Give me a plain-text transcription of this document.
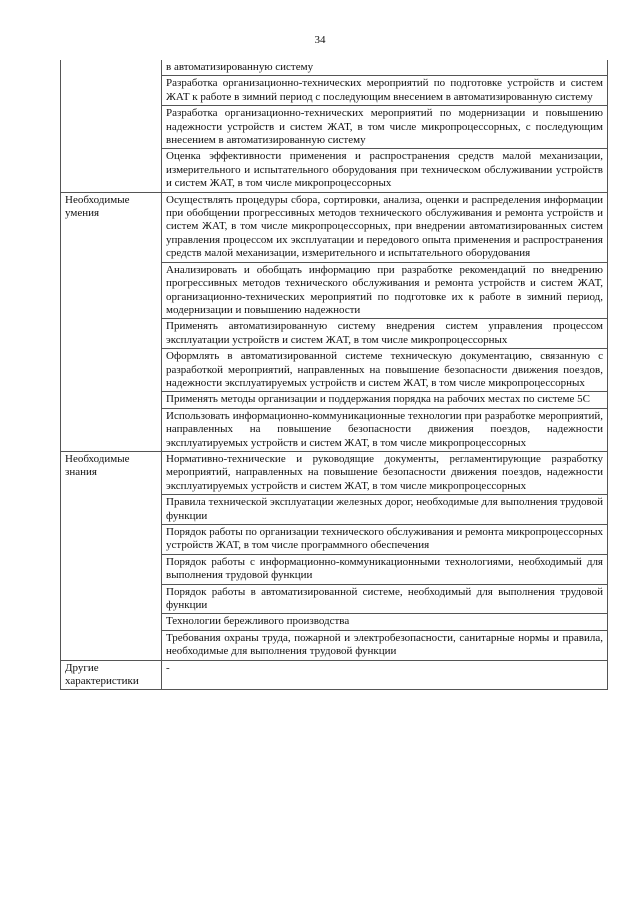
34
	в автоматизированную систему
	Разработка организационно-технических мероприятий по подготовке устройств и систем ЖАТ к работе в зимний период с последующим внесением в автоматизированную систему
	Разработка организационно-технических мероприятий по модернизации и повышению надежности устройств и систем ЖАТ, в том числе микропроцессорных, с последующим внесением в автоматизированную систему
	Оценка эффективности применения и распространения средств малой механизации, измерительного и испытательного оборудования при техническом обслуживании устройств и систем ЖАТ, в том числе микропроцессорных
Необходимые умения	Осуществлять процедуры сбора, сортировки, анализа, оценки и распределения информации при обобщении прогрессивных методов технического обслуживания и ремонта устройств и систем ЖАТ, в том числе микропроцессорных, при внедрении автоматизированных систем управления процессом их эксплуатации и передового опыта применения и распространения средств малой механизации, измерительного и испытательного оборудования
	Анализировать и обобщать информацию при разработке рекомендаций по внедрению прогрессивных методов технического обслуживания и ремонта устройств и систем ЖАТ, организационно-технических мероприятий по подготовке их к работе в зимний период, модернизации и повышению надежности
	Применять автоматизированную систему внедрения систем управления процессом эксплуатации устройств и систем ЖАТ, в том числе микропроцессорных
	Оформлять в автоматизированной системе техническую документацию, связанную с разработкой мероприятий, направленных на повышение безопасности движения поездов, надежности эксплуатируемых устройств и систем ЖАТ, в том числе микропроцессорных
	Применять методы организации и поддержания порядка на рабочих местах по системе 5С
	Использовать информационно-коммуникационные технологии при разработке мероприятий, направленных на повышение безопасности движения поездов, надежности эксплуатируемых устройств и систем ЖАТ, в том числе микропроцессорных
Необходимые знания	Нормативно-технические и руководящие документы, регламентирующие разработку мероприятий, направленных на повышение безопасности движения поездов, надежности эксплуатируемых устройств и систем ЖАТ, в том числе микропроцессорных
	Правила технической эксплуатации железных дорог, необходимые для выполнения трудовой функции
	Порядок работы по организации технического обслуживания и ремонта микропроцессорных устройств ЖАТ, в том числе программного обеспечения
	Порядок работы с информационно-коммуникационными технологиями, необходимый для выполнения трудовой функции
	Порядок работы в автоматизированной системе, необходимый для выполнения трудовой функции
	Технологии бережливого производства
	Требования охраны труда, пожарной и электробезопасности, санитарные нормы и правила, необходимые для выполнения трудовой функции
Другие характеристики	-
